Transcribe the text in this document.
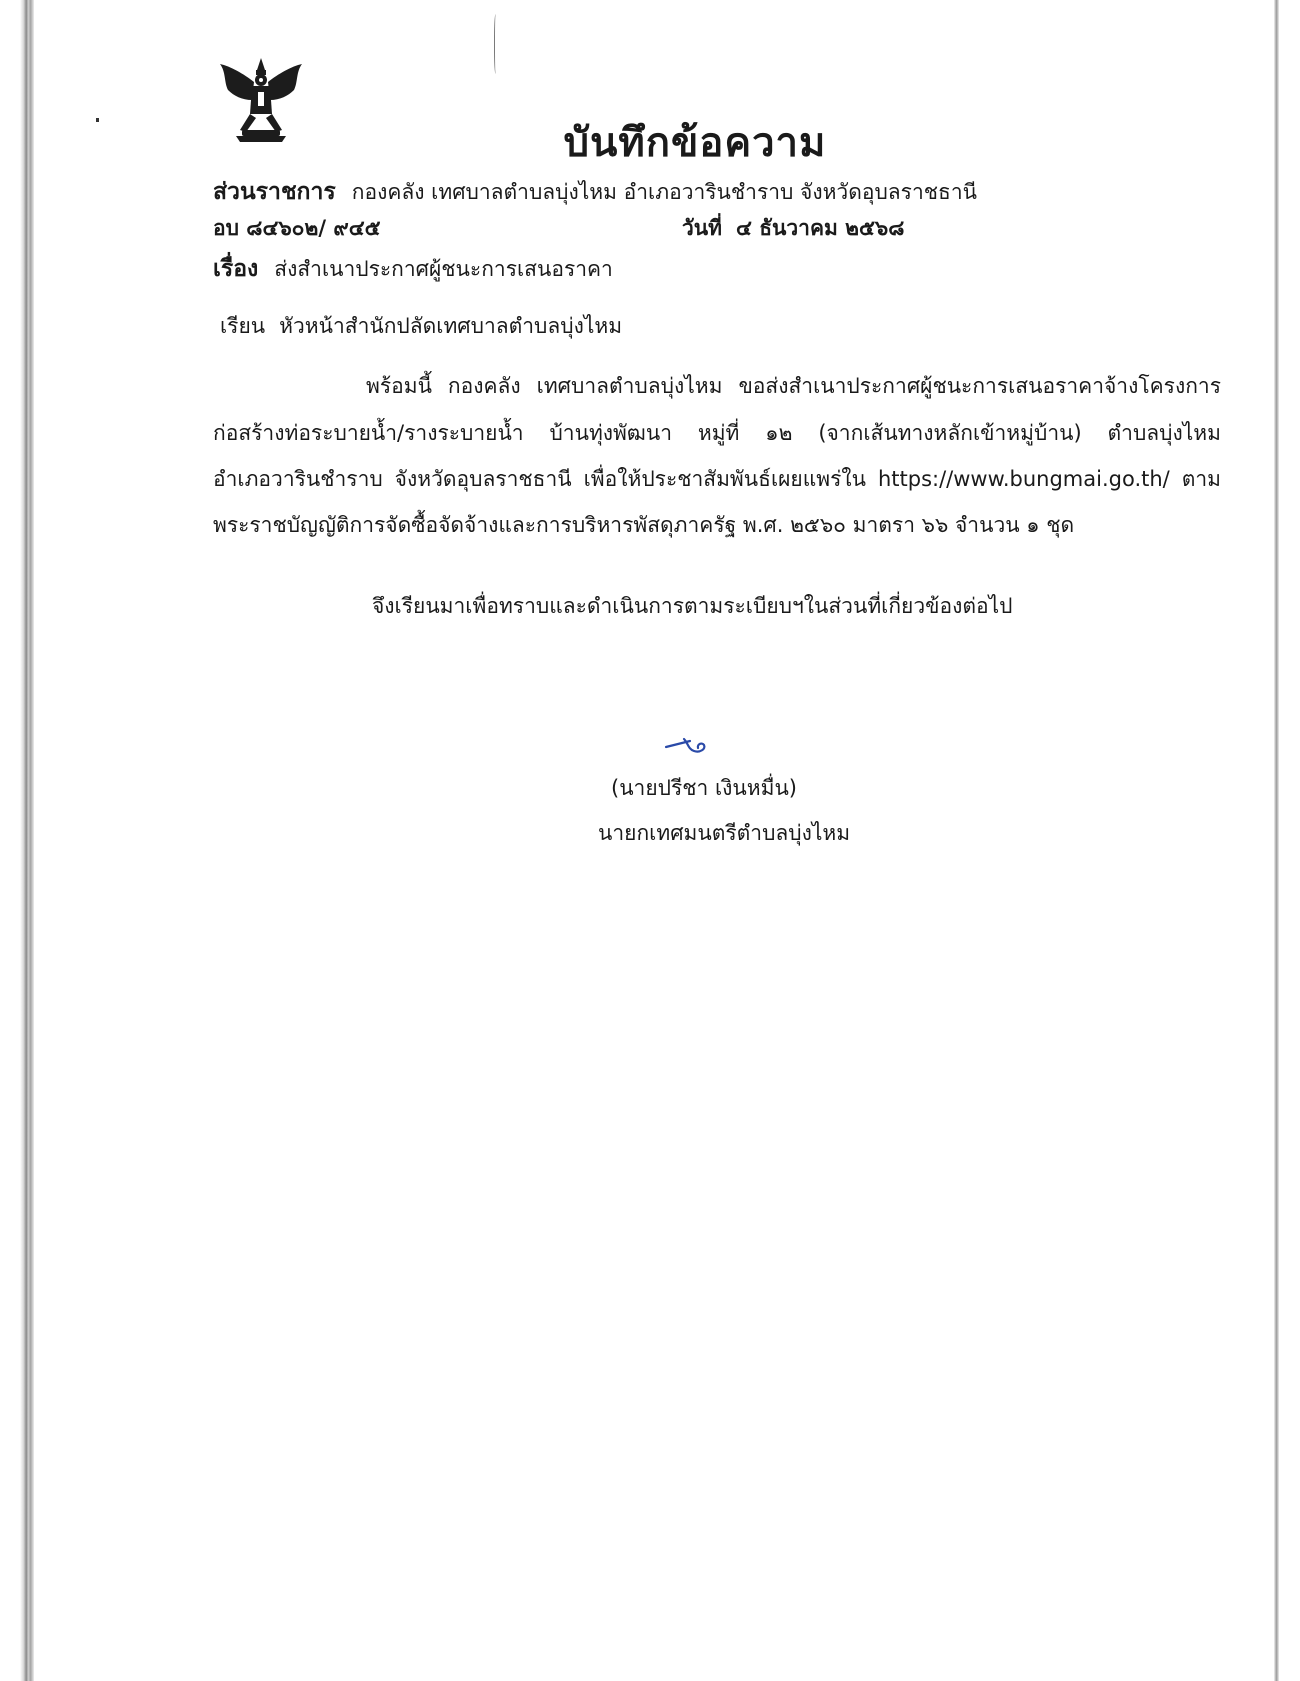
บันทึกข้อความ
ส่วนราชการ กองคลัง เทศบาลตำบลบุ่งไหม อำเภอวารินชำราบ จังหวัดอุบลราชธานี
อบ ๘๔๖๐๒/ ๙๔๕	วันที่ ๔ ธันวาคม ๒๕๖๘
เรื่อง ส่งสำเนาประกาศผู้ชนะการเสนอราคา
เรียน หัวหน้าสำนักปลัดเทศบาลตำบลบุ่งไหม
พร้อมนี้ กองคลัง เทศบาลตำบลบุ่งไหม ขอส่งสำเนาประกาศผู้ชนะการเสนอราคาจ้างโครงการ
ก่อสร้างท่อระบายน้ำ/รางระบายน้ำ บ้านทุ่งพัฒนา หมู่ที่ ๑๒ (จากเส้นทางหลักเข้าหมู่บ้าน) ตำบลบุ่งไหม
อำเภอวารินชำราบ จังหวัดอุบลราชธานี เพื่อให้ประชาสัมพันธ์เผยแพร่ใน https://www.bungmai.go.th/ ตาม
พระราชบัญญัติการจัดซื้อจัดจ้างและการบริหารพัสดุภาครัฐ พ.ศ. ๒๕๖๐ มาตรา ๖๖ จำนวน ๑ ชุด
จึงเรียนมาเพื่อทราบและดำเนินการตามระเบียบฯในส่วนที่เกี่ยวข้องต่อไป
(นายปรีชา เงินหมื่น)
นายกเทศมนตรีตำบลบุ่งไหม
